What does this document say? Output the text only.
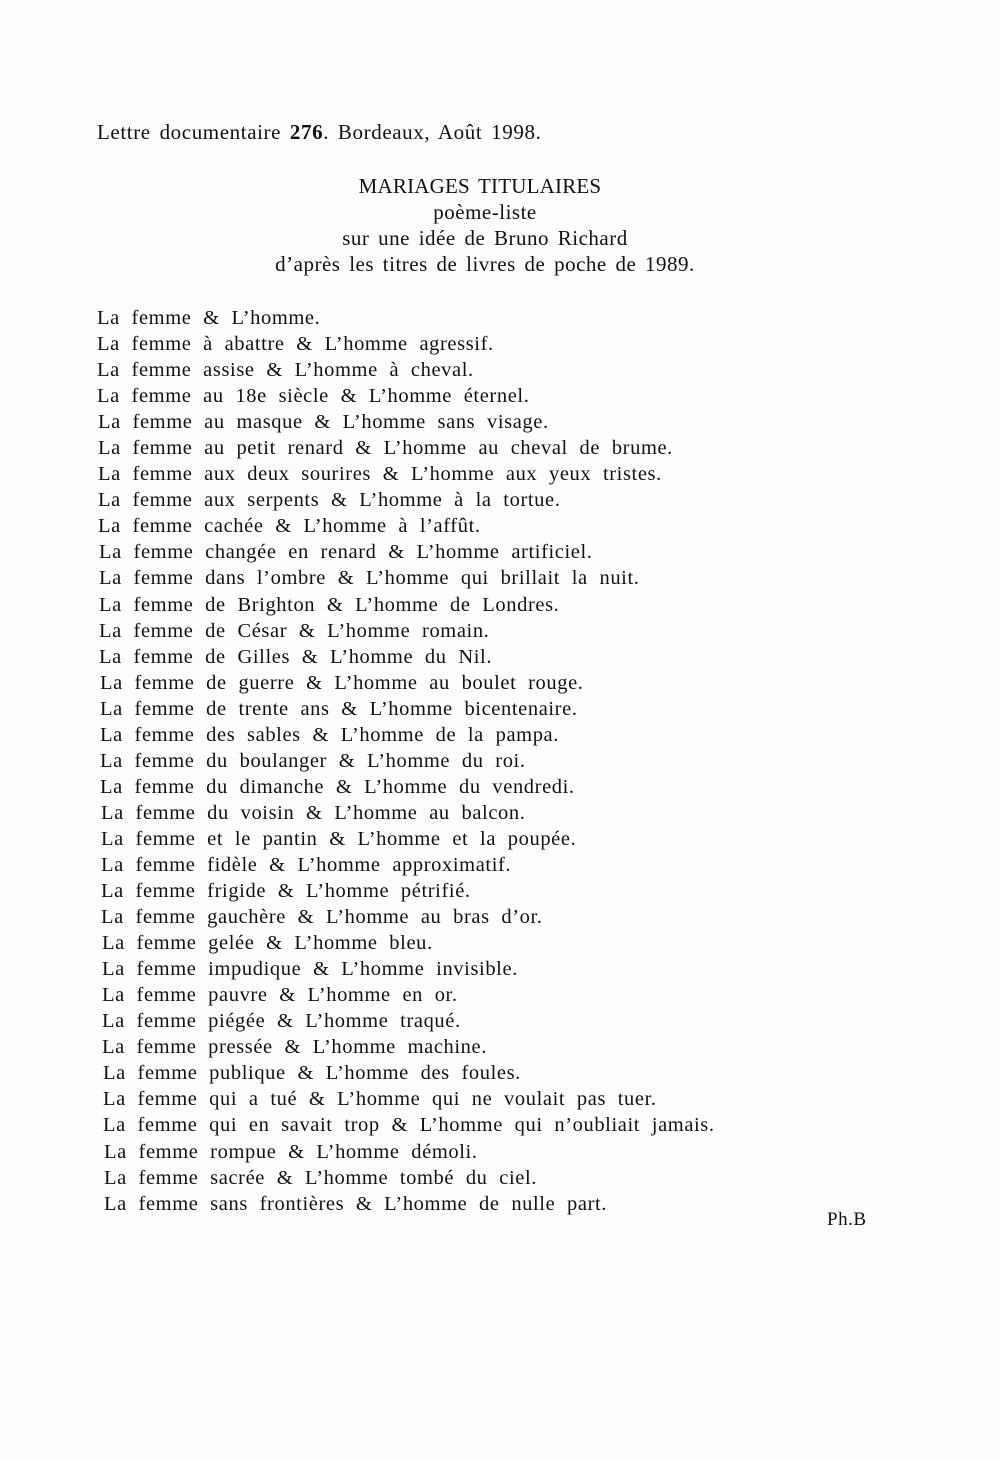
Lettre documentaire 276. Bordeaux, Août 1998.
MARIAGES TITULAIRES
poème-liste
sur une idée de Bruno Richard
d’après les titres de livres de poche de 1989.
La femme & L’homme.
La femme à abattre & L’homme agressif.
La femme assise & L’homme à cheval.
La femme au 18e siècle & L’homme éternel.
La femme au masque & L’homme sans visage.
La femme au petit renard & L’homme au cheval de brume.
La femme aux deux sourires & L’homme aux yeux tristes.
La femme aux serpents & L’homme à la tortue.
La femme cachée & L’homme à l’affût.
La femme changée en renard & L’homme artificiel.
La femme dans l’ombre & L’homme qui brillait la nuit.
La femme de Brighton & L’homme de Londres.
La femme de César & L’homme romain.
La femme de Gilles & L’homme du Nil.
La femme de guerre & L’homme au boulet rouge.
La femme de trente ans & L’homme bicentenaire.
La femme des sables & L’homme de la pampa.
La femme du boulanger & L’homme du roi.
La femme du dimanche & L’homme du vendredi.
La femme du voisin & L’homme au balcon.
La femme et le pantin & L’homme et la poupée.
La femme fidèle & L’homme approximatif.
La femme frigide & L’homme pétrifié.
La femme gauchère & L’homme au bras d’or.
La femme gelée & L’homme bleu.
La femme impudique & L’homme invisible.
La femme pauvre & L’homme en or.
La femme piégée & L’homme traqué.
La femme pressée & L’homme machine.
La femme publique & L’homme des foules.
La femme qui a tué & L’homme qui ne voulait pas tuer.
La femme qui en savait trop & L’homme qui n’oubliait jamais.
La femme rompue & L’homme démoli.
La femme sacrée & L’homme tombé du ciel.
La femme sans frontières & L’homme de nulle part.
Ph.B
